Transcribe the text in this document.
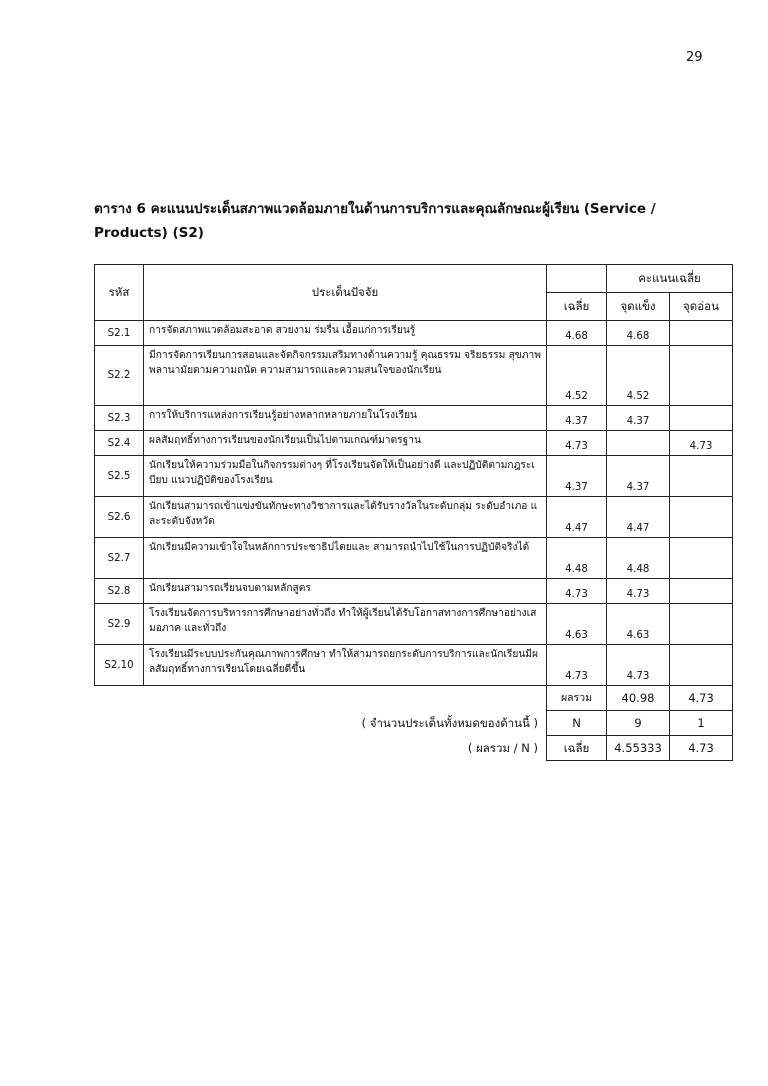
29
ตาราง 6 คะแนนประเด็นสภาพแวดล้อมภายในด้านการบริการและคุณลักษณะผู้เรียน (Service / Products) (S2)
รหัส	ประเด็นปัจจัย		คะแนนเฉลี่ย	
		เฉลี่ย	จุดแข็ง	จุดอ่อน
S2.1	การจัดสภาพแวดล้อมสะอาด สวยงาม ร่มรื่น เอื้อแก่การเรียนรู้	4.68	4.68	
S2.2	มีการจัดการเรียนการสอนและจัดกิจกรรมเสริมทางด้านความรู้ คุณธรรม จริยธรรม สุขภาพ พลานามัยตามความถนัด ความสามารถและความสนใจของนักเรียน	4.52	4.52	
S2.3	การให้บริการแหล่งการเรียนรู้อย่างหลากหลายภายในโรงเรียน	4.37	4.37	
S2.4	ผลสัมฤทธิ์ทางการเรียนของนักเรียนเป็นไปตามเกณฑ์มาตรฐาน	4.73		4.73
S2.5	นักเรียนให้ความร่วมมือในกิจกรรมต่างๆ ที่โรงเรียนจัดให้เป็นอย่างดี และปฏิบัติตามกฎระเบียบ แนวปฏิบัติของโรงเรียน	4.37	4.37	
S2.6	นักเรียนสามารถเข้าแข่งขันทักษะทางวิชาการและได้รับรางวัลในระดับกลุ่ม ระดับอำเภอ และระดับจังหวัด	4.47	4.47	
S2.7	นักเรียนมีความเข้าใจในหลักการประชาธิปไตยและ สามารถนำไปใช้ในการปฏิบัติจริงได้	4.48	4.48	
S2.8	นักเรียนสามารถเรียนจบตามหลักสูตร	4.73	4.73	
S2.9	โรงเรียนจัดการบริหารการศึกษาอย่างทั่วถึง ทำให้ผู้เรียนได้รับโอกาสทางการศึกษาอย่างเสมอภาค และทั่วถึง	4.63	4.63	
S2.10	โรงเรียนมีระบบประกันคุณภาพการศึกษา ทำให้สามารถยกระดับการบริการและนักเรียนมีผลสัมฤทธิ์ทางการเรียนโดยเฉลี่ยดีขึ้น	4.73	4.73	
		ผลรวม	40.98	4.73
( จำนวนประเด็นทั้งหมดของด้านนี้ )		N	9	1
( ผลรวม / N )		เฉลี่ย	4.55333	4.73
